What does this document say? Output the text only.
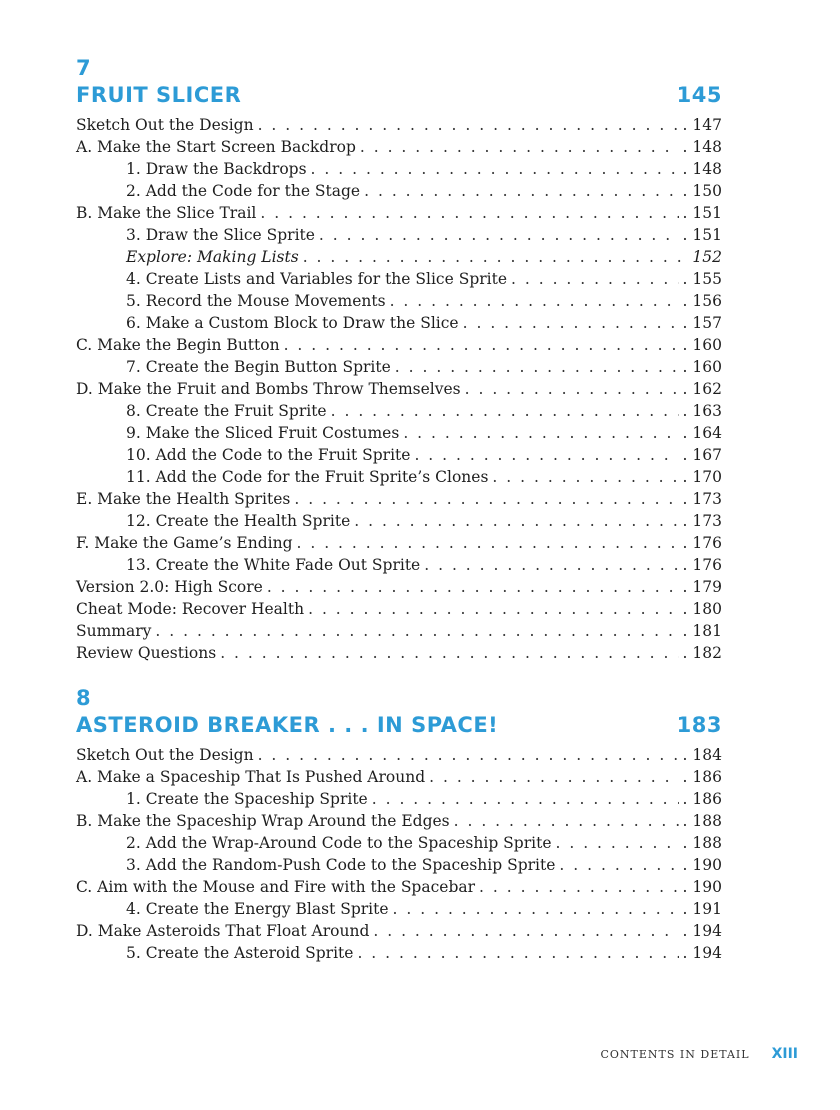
7
FRUIT SLICER	145
Sketch Out the Design . . .	. 147
A. Make the Start Screen Backdrop . . .	. 148
1. Draw the Backdrops . . .	. 148
2. Add the Code for the Stage . . .	. 150
B. Make the Slice Trail . . .	. 151
3. Draw the Slice Sprite . . .	. 151
Explore: Making Lists . . .	152
4. Create Lists and Variables for the Slice Sprite . . .	. 155
5. Record the Mouse Movements . . .	. 156
6. Make a Custom Block to Draw the Slice . . .	. 157
C. Make the Begin Button . . .	. 160
7. Create the Begin Button Sprite . . .	. 160
D. Make the Fruit and Bombs Throw Themselves . . .	. 162
8. Create the Fruit Sprite . . .	. 163
9. Make the Sliced Fruit Costumes . . .	. 164
10. Add the Code to the Fruit Sprite . . .	. 167
11. Add the Code for the Fruit Sprite’s Clones . . .	. 170
E. Make the Health Sprites . . .	. 173
12. Create the Health Sprite . . .	. 173
F. Make the Game’s Ending . . .	. 176
13. Create the White Fade Out Sprite . . .	. 176
Version 2.0: High Score . . .	. 179
Cheat Mode: Recover Health . . .	. 180
Summary . . .	. 181
Review Questions . . .	. 182
8
ASTEROID BREAKER . . . IN SPACE!	183
Sketch Out the Design . . .	. 184
A. Make a Spaceship That Is Pushed Around . . .	. 186
1. Create the Spaceship Sprite . . .	. 186
B. Make the Spaceship Wrap Around the Edges . . .	. 188
2. Add the Wrap-Around Code to the Spaceship Sprite . . .	. 188
3. Add the Random-Push Code to the Spaceship Sprite . . .	. 190
C. Aim with the Mouse and Fire with the Spacebar . . .	. 190
4. Create the Energy Blast Sprite . . .	. 191
D. Make Asteroids That Float Around . . .	. 194
5. Create the Asteroid Sprite . . .	. 194
CONTENTS IN DETAIL XIII
